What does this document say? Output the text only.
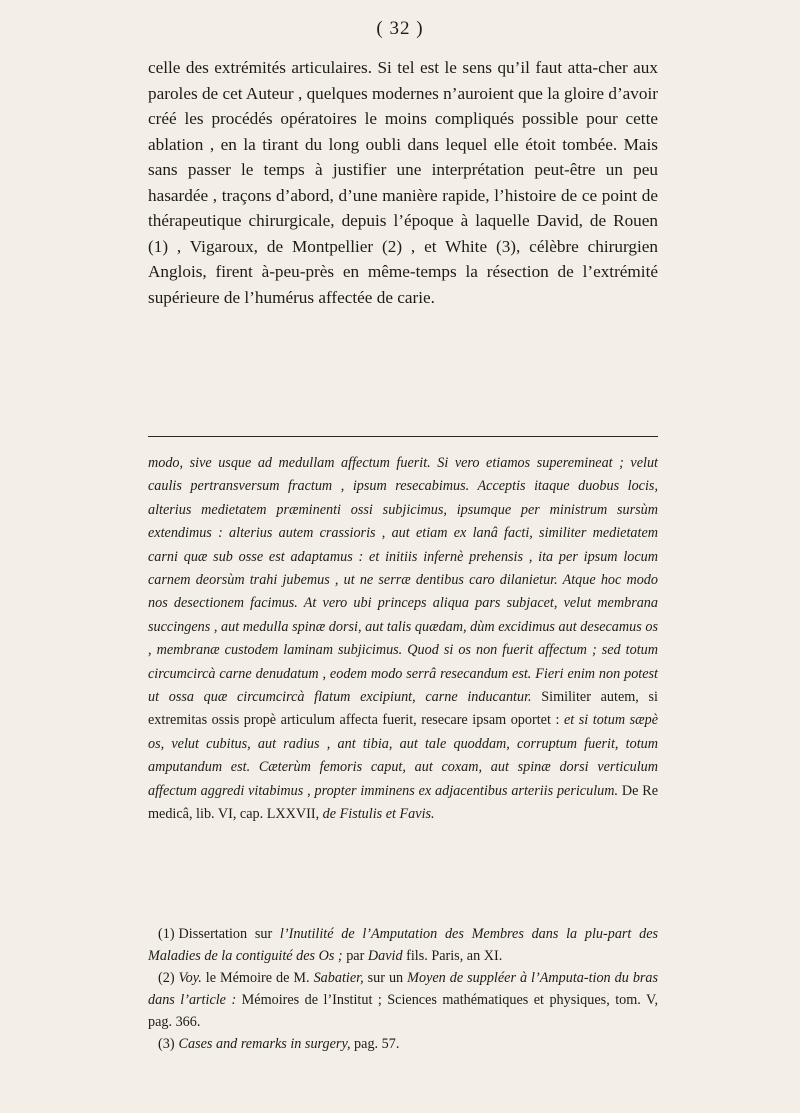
( 32 )

celle des extrémités articulaires. Si tel est le sens qu’il faut atta-cher aux paroles de cet Auteur , quelques modernes n’auroient que la gloire d’avoir créé les procédés opératoires le moins compliqués possible pour cette ablation , en la tirant du long oubli dans lequel elle étoit tombée. Mais sans passer le temps à justifier une interprétation peut-être un peu hasardée , traçons d’abord, d’une manière rapide, l’histoire de ce point de thérapeutique chirurgicale, depuis l’époque à laquelle David, de Rouen (1) , Vigaroux, de Montpellier (2) , et White (3), célèbre chirurgien Anglois, firent à-peu-près en même-temps la résection de l’extrémité supérieure de l’humérus affectée de carie.

modo, sive usque ad medullam affectum fuerit. Si vero etiamos superemineat ; velut caulis pertransversum fractum , ipsum resecabimus. Acceptis itaque duobus locis, alterius medietatem præminenti ossi subjicimus, ipsumque per ministrum sursùm extendimus : alterius autem crassioris , aut etiam ex lanâ facti, similiter medietatem carni quæ sub osse est adaptamus : et initiis infernè prehensis , ita per ipsum locum carnem deorsùm trahi jubemus , ut ne serræ dentibus caro dilanietur. Atque hoc modo nos desectionem facimus. At vero ubi princeps aliqua pars subjacet, velut membrana succingens , aut medulla spinæ dorsi, aut talis quædam, dùm excidimus aut desecamus os , membranæ custodem laminam subjicimus. Quod si os non fuerit affectum ; sed totum circumcircà carne denudatum , eodem modo serrâ resecandum est. Fieri enim non potest ut ossa quæ circumcircà flatum excipiunt, carne inducantur. Similiter autem, si extremitas ossis propè articulum affecta fuerit, resecare ipsam oportet : et si totum sæpè os, velut cubitus, aut radius , ant tibia, aut tale quoddam, corruptum fuerit, totum amputandum est. Cæterùm femoris caput, aut coxam, aut spinæ dorsi verticulum affectum aggredi vitabimus , propter imminens ex adjacentibus arteriis periculum. De Re medicâ, lib. VI, cap. LXXVII, de Fistulis et Favis.

(1) Dissertation sur l’Inutilité de l’Amputation des Membres dans la plu-part des Maladies de la contiguité des Os ; par David fils. Paris, an XI.

(2) Voy. le Mémoire de M. Sabatier, sur un Moyen de suppléer à l’Amputa-tion du bras dans l’article : Mémoires de l’Institut ; Sciences mathématiques et physiques, tom. V, pag. 366.

(3) Cases and remarks in surgery, pag. 57.
